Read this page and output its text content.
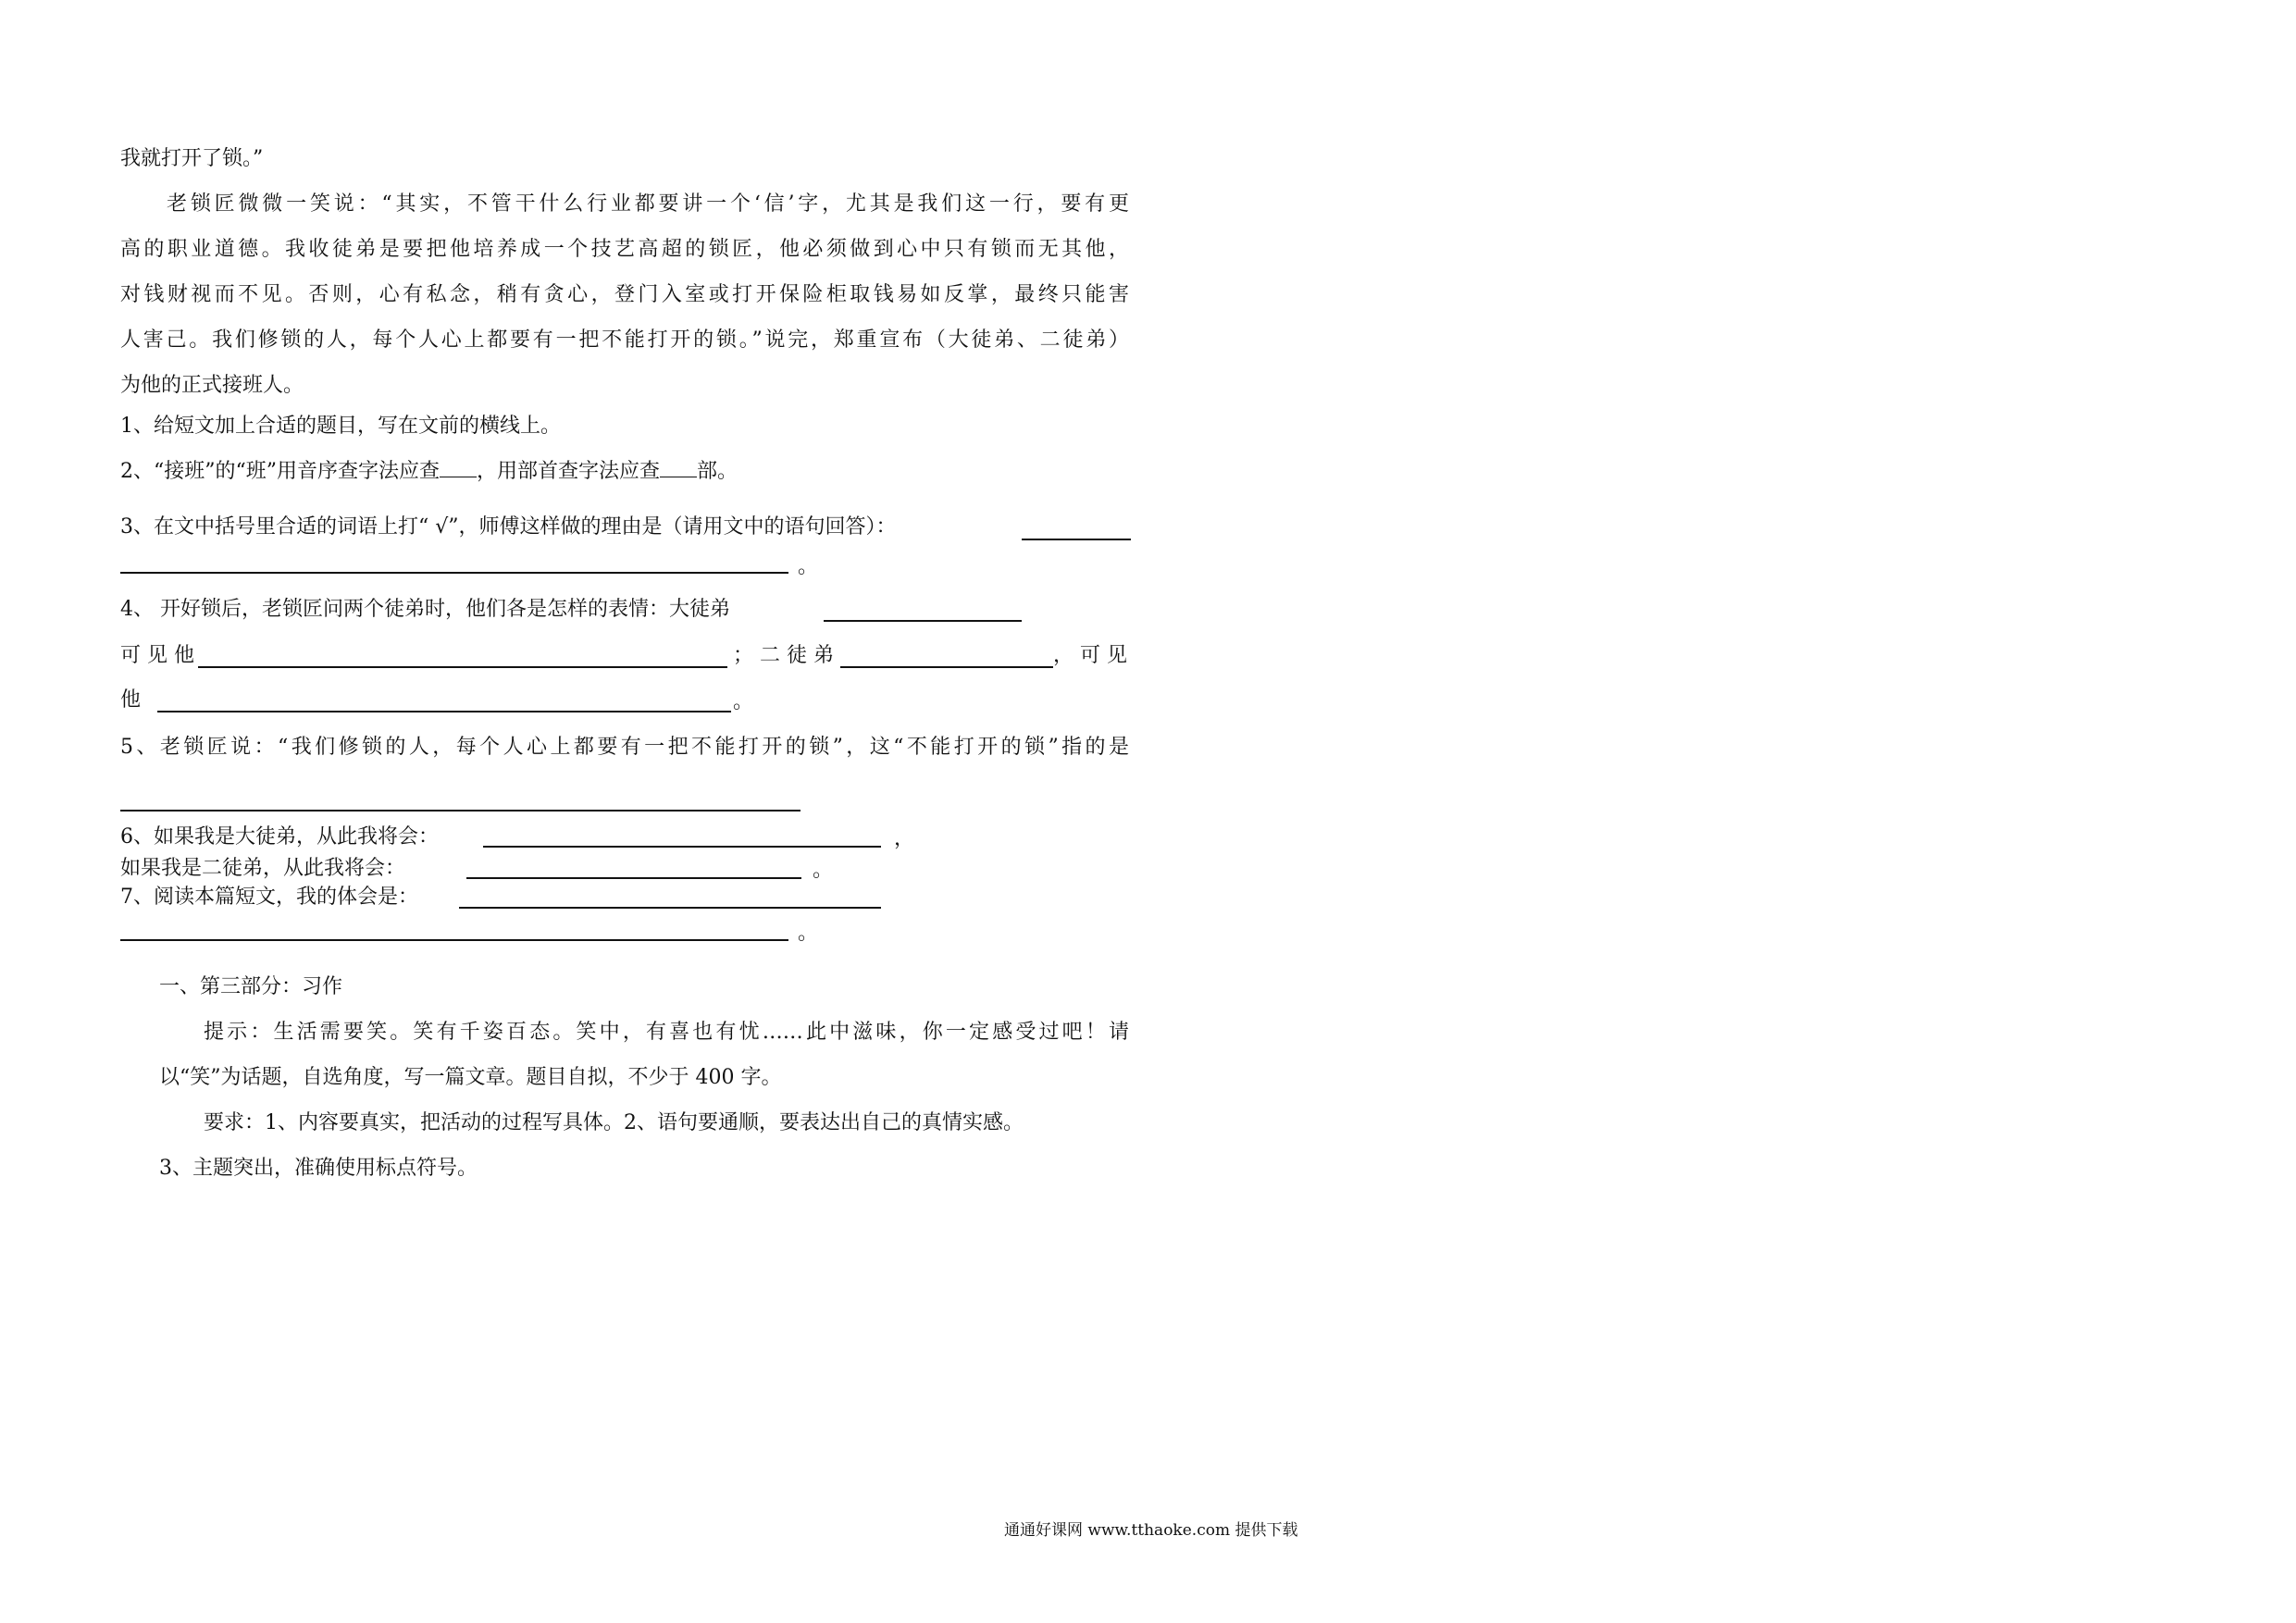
我就打开了锁。”
老锁匠微微一笑说：“其实，不管干什么行业都要讲一个‘信’字，尤其是我们这一行，要有更
高的职业道德。我收徒弟是要把他培养成一个技艺高超的锁匠，他必须做到心中只有锁而无其他，
对钱财视而不见。否则，心有私念，稍有贪心，登门入室或打开保险柜取钱易如反掌，最终只能害
人害己。我们修锁的人，每个人心上都要有一把不能打开的锁。”说完，郑重宣布（大徒弟、二徒弟）
为他的正式接班人。
1、给短文加上合适的题目，写在文前的横线上。
2、“接班”的“班”用音序查字法应查 ，用部首查字法应查 部。
3、在文中括号里合适的词语上打“ √”，师傅这样做的理由是（请用文中的语句回答）：
。
4、 开好锁后，老锁匠问两个徒弟时，他们各是怎样的表情：大徒弟
可 见 他	； 二 徒 弟	， 可 见
他	。
5、老锁匠说：“我们修锁的人，每个人心上都要有一把不能打开的锁”，这“不能打开的锁”指的是
6、如果我是大徒弟，从此我将会：	，
如果我是二徒弟，从此我将会：	。
7、阅读本篇短文，我的体会是：
。
一、第三部分：习作
提示：生活需要笑。笑有千姿百态。笑中，有喜也有忧……此中滋味，你一定感受过吧！请
以“笑”为话题，自选角度，写一篇文章。题目自拟，不少于 400 字。
要求：1、内容要真实，把活动的过程写具体。2、语句要通顺，要表达出自己的真情实感。
3、主题突出，准确使用标点符号。
通通好课网 www.tthaoke.com 提供下载
